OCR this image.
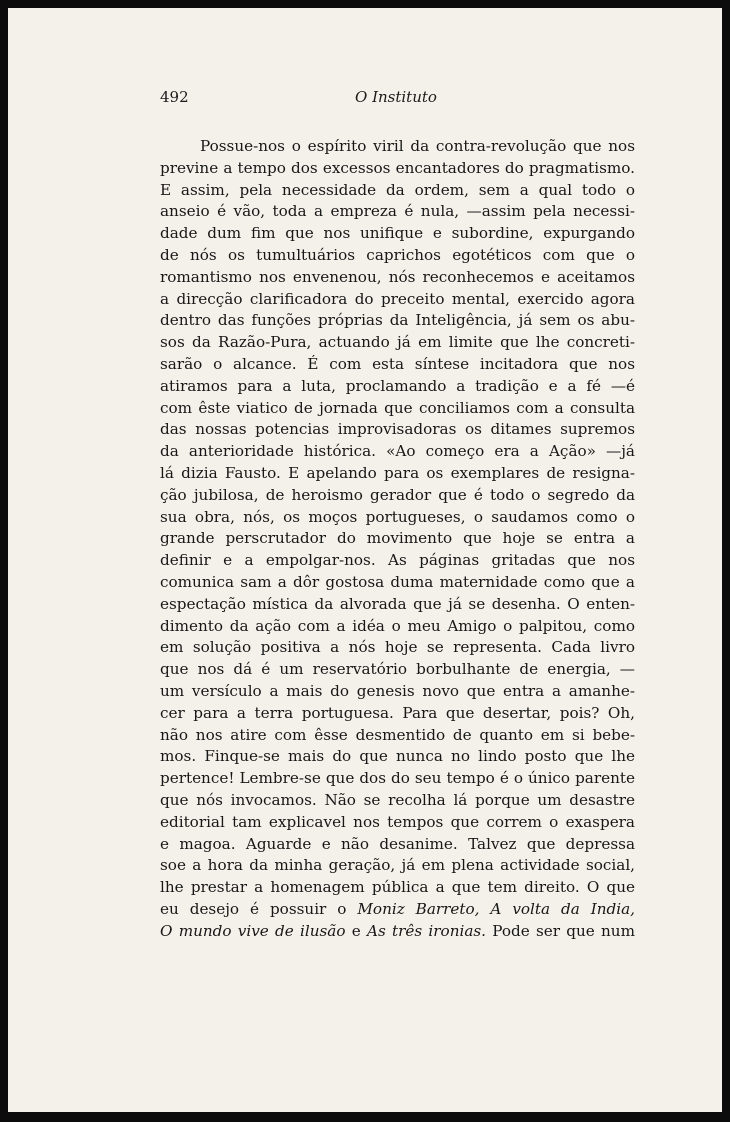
492	O Instituto
Possue-nos o espírito viril da contra-revolução que nos
previne a tempo dos excessos encantadores do pragmatismo.
E assim, pela necessidade da ordem, sem a qual todo o
anseio é vão, toda a empreza é nula, —assim pela necessi-
dade dum fim que nos unifique e subordine, expurgando
de nós os tumultuários caprichos egotéticos com que o
romantismo nos envenenou, nós reconhecemos e aceitamos
a direcção clarificadora do preceito mental, exercido agora
dentro das funções próprias da Inteligência, já sem os abu-
sos da Razão-Pura, actuando já em limite que lhe concreti-
sarão o alcance. É com esta síntese incitadora que nos
atiramos para a luta, proclamando a tradição e a fé —é
com êste viatico de jornada que conciliamos com a consulta
das nossas potencias improvisadoras os ditames supremos
da anterioridade histórica. «Ao começo era a Ação» —já
lá dizia Fausto. E apelando para os exemplares de resigna-
ção jubilosa, de heroismo gerador que é todo o segredo da
sua obra, nós, os moços portugueses, o saudamos como o
grande perscrutador do movimento que hoje se entra a
definir e a empolgar-nos. As páginas gritadas que nos
comunica sam a dôr gostosa duma maternidade como que a
espectação mística da alvorada que já se desenha. O enten-
dimento da ação com a idéa o meu Amigo o palpitou, como
em solução positiva a nós hoje se representa. Cada livro
que nos dá é um reservatório borbulhante de energia, —
um versículo a mais do genesis novo que entra a amanhe-
cer para a terra portuguesa. Para que desertar, pois? Oh,
não nos atire com êsse desmentido de quanto em si bebe-
mos. Finque-se mais do que nunca no lindo posto que lhe
pertence! Lembre-se que dos do seu tempo é o único parente
que nós invocamos. Não se recolha lá porque um desastre
editorial tam explicavel nos tempos que correm o exaspera
e magoa. Aguarde e não desanime. Talvez que depressa
soe a hora da minha geração, já em plena actividade social,
lhe prestar a homenagem pública a que tem direito. O que
eu desejo é possuir o Moniz Barreto, A volta da India,
O mundo vive de ilusão e As três ironias. Pode ser que num
